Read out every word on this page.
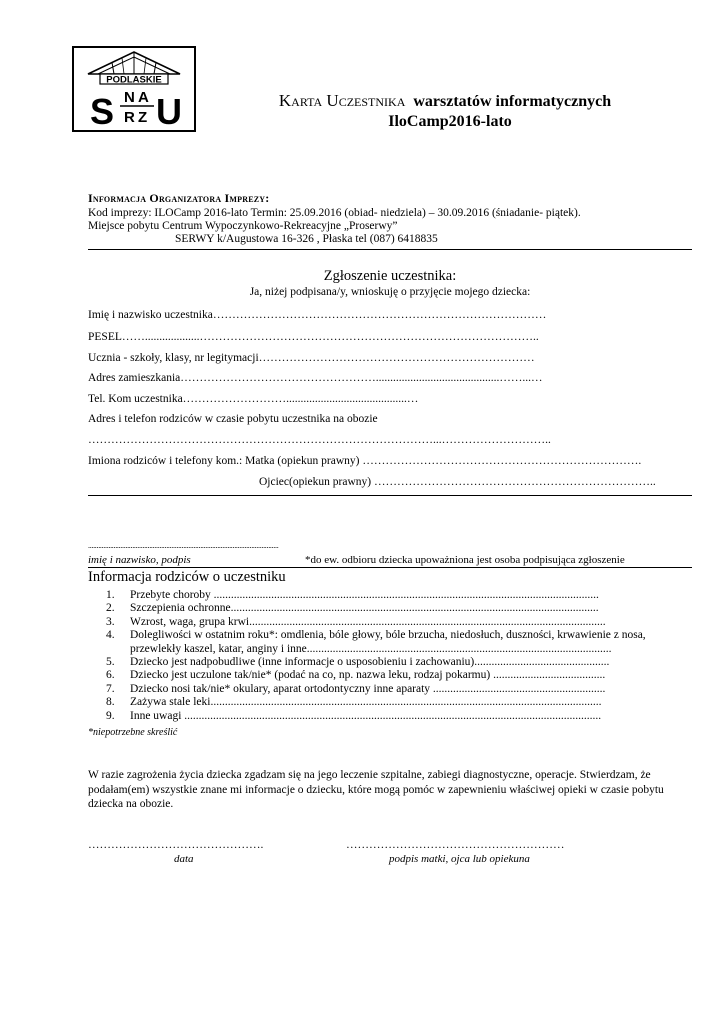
PODLASKIE
S N A
R Z U	Karta Uczestnika warsztatów informatycznych
IloCamp2016-lato
Informacja Organizatora Imprezy:
Kod imprezy: ILOCamp 2016-lato Termin: 25.09.2016 (obiad- niedziela) – 30.09.2016 (śniadanie- piątek).
Miejsce pobytu Centrum Wypoczynkowo-Rekreacyjne „Proserwy”
SERWY k/Augustowa 16-326 , Płaska tel (087) 6418835
Zgłoszenie uczestnika:
Ja, niżej podpisana/y, wnioskuję o przyjęcie mojego dziecka:
Imię i nazwisko uczestnika……………………………………………………………………………
PESEL……...................……………………………………………………………………………..
Ucznia - szkoły, klasy, nr legitymacji………………………………………………………………
Adres zamieszkania……………………………………………...........................................……...…
Tel. Kom uczestnika………………………..........................................…
Adres i telefon rodziców w czasie pobytu uczestnika na obozie
………………………………………………………………………………...………………………..
Imiona rodziców i telefony kom.: Matka (opiekun prawny) ……………………………………………………………….
Ojciec(opiekun prawny) ………………………………………………………………..
................................................................................................................
imię i nazwisko, podpis	*do ew. odbioru dziecka upoważniona jest osoba podpisująca zgłoszenie
Informacja rodziców o uczestniku
1. Przebyte choroby ......................................................................................................................................
2. Szczepienia ochronne................................................................................................................................
3. Wzrost, waga, grupa krwi............................................................................................................................
4. Dolegliwości w ostatnim roku*: omdlenia, bóle głowy, bóle brzucha, niedosłuch, duszności, krwawienie z nosa, przewlekły kaszel, katar, anginy i inne..........................................................................................................
5. Dziecko jest nadpobudliwe (inne informacje o usposobieniu i zachowaniu)...............................................
6. Dziecko jest uczulone tak/nie* (podać na co, np. nazwa leku, rodzaj pokarmu) .......................................
7. Dziecko nosi tak/nie* okulary, aparat ortodontyczny inne aparaty ............................................................
8. Zażywa stale leki........................................................................................................................................
9. Inne uwagi .................................................................................................................................................
*niepotrzebne skreślić
W razie zagrożenia życia dziecka zgadzam się na jego leczenie szpitalne, zabiegi diagnostyczne, operacje. Stwierdzam, że podałam(em) wszystkie znane mi informacje o dziecku, które mogą pomóc w zapewnieniu właściwej opieki w czasie pobytu dziecka na obozie.
……………………………………….
data
…………………………………………………
podpis matki, ojca lub opiekuna
